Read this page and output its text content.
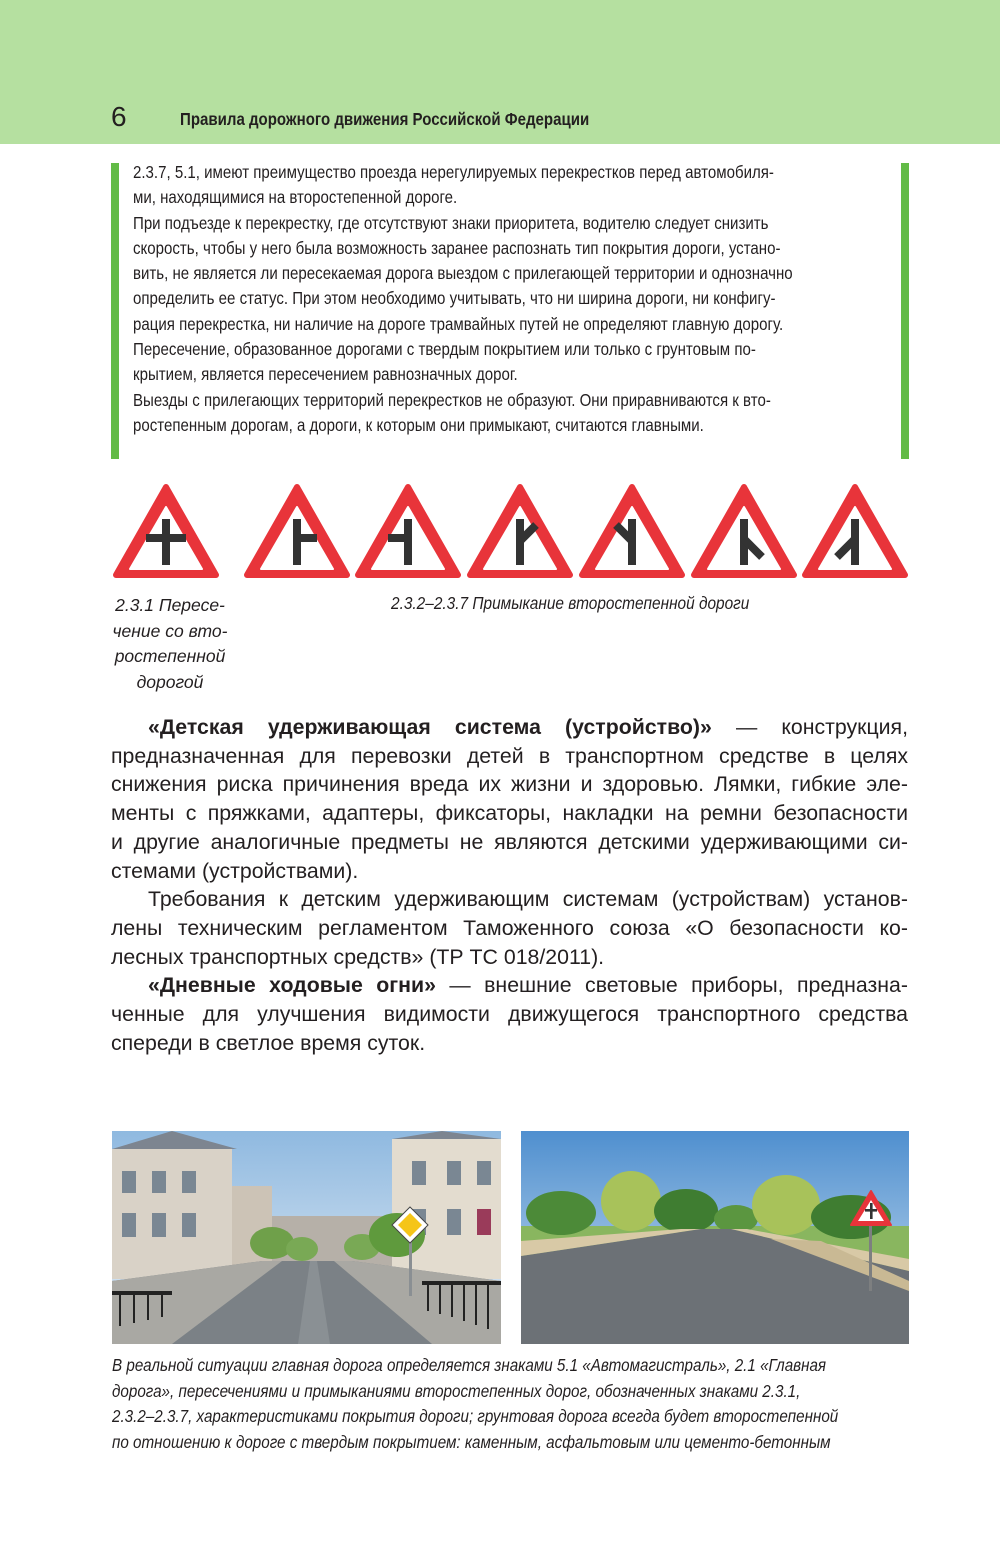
6	Правила дорожного движения Российской Федерации

2.3.7, 5.1, имеют преимущество проезда нерегулируемых перекрестков перед автомобиля-

ми, находящимися на второстепенной дороге.

При подъезде к перекрестку, где отсутствуют знаки приоритета, водителю следует снизить

скорость, чтобы у него была возможность заранее распознать тип покрытия дороги, устано-

вить, не является ли пересекаемая дорога выездом с прилегающей территории и однозначно

определить ее статус. При этом необходимо учитывать, что ни ширина дороги, ни конфигу-

рация перекрестка, ни наличие на дороге трамвайных путей не определяют главную дорогу.

Пересечение, образованное дорогами с твердым покрытием или только с грунтовым по-

крытием, является пересечением равнозначных дорог.

Выезды с прилегающих территорий перекрестков не образуют. Они приравниваются к вто-

ростепенным дорогам, а дороги, к которым они примыкают, считаются главными.

2.3.1 Пересе-
чение со вто-
ростепенной
дорогой
2.3.2–2.3.7 Примыкание второстепенной дороги

«Детская удерживающая система (устройство)» — конструкция,
предназначенная для перевозки детей в транспортном средстве в целях
снижения риска причинения вреда их жизни и здоровью. Лямки, гибкие эле-
менты с пряжками, адаптеры, фиксаторы, накладки на ремни безопасности
и другие аналогичные предметы не являются детскими удерживающими си-
стемами (устройствами).

Требования к детским удерживающим системам (устройствам) установ-
лены техническим регламентом Таможенного союза «О безопасности ко-
лесных транспортных средств» (ТР ТС 018/2011).

«Дневные ходовые огни» — внешние световые приборы, предназна-
ченные для улучшения видимости движущегося транспортного средства
спереди в светлое время суток.

В реальной ситуации главная дорога определяется знаками 5.1 «Автомагистраль», 2.1 «Главная
дорога», пересечениями и примыканиями второстепенных дорог, обозначенных знаками 2.3.1,
2.3.2–2.3.7, характеристиками покрытия дороги; грунтовая дорога всегда будет второстепенной
по отношению к дороге с твердым покрытием: каменным, асфальтовым или цементо-бетонным
